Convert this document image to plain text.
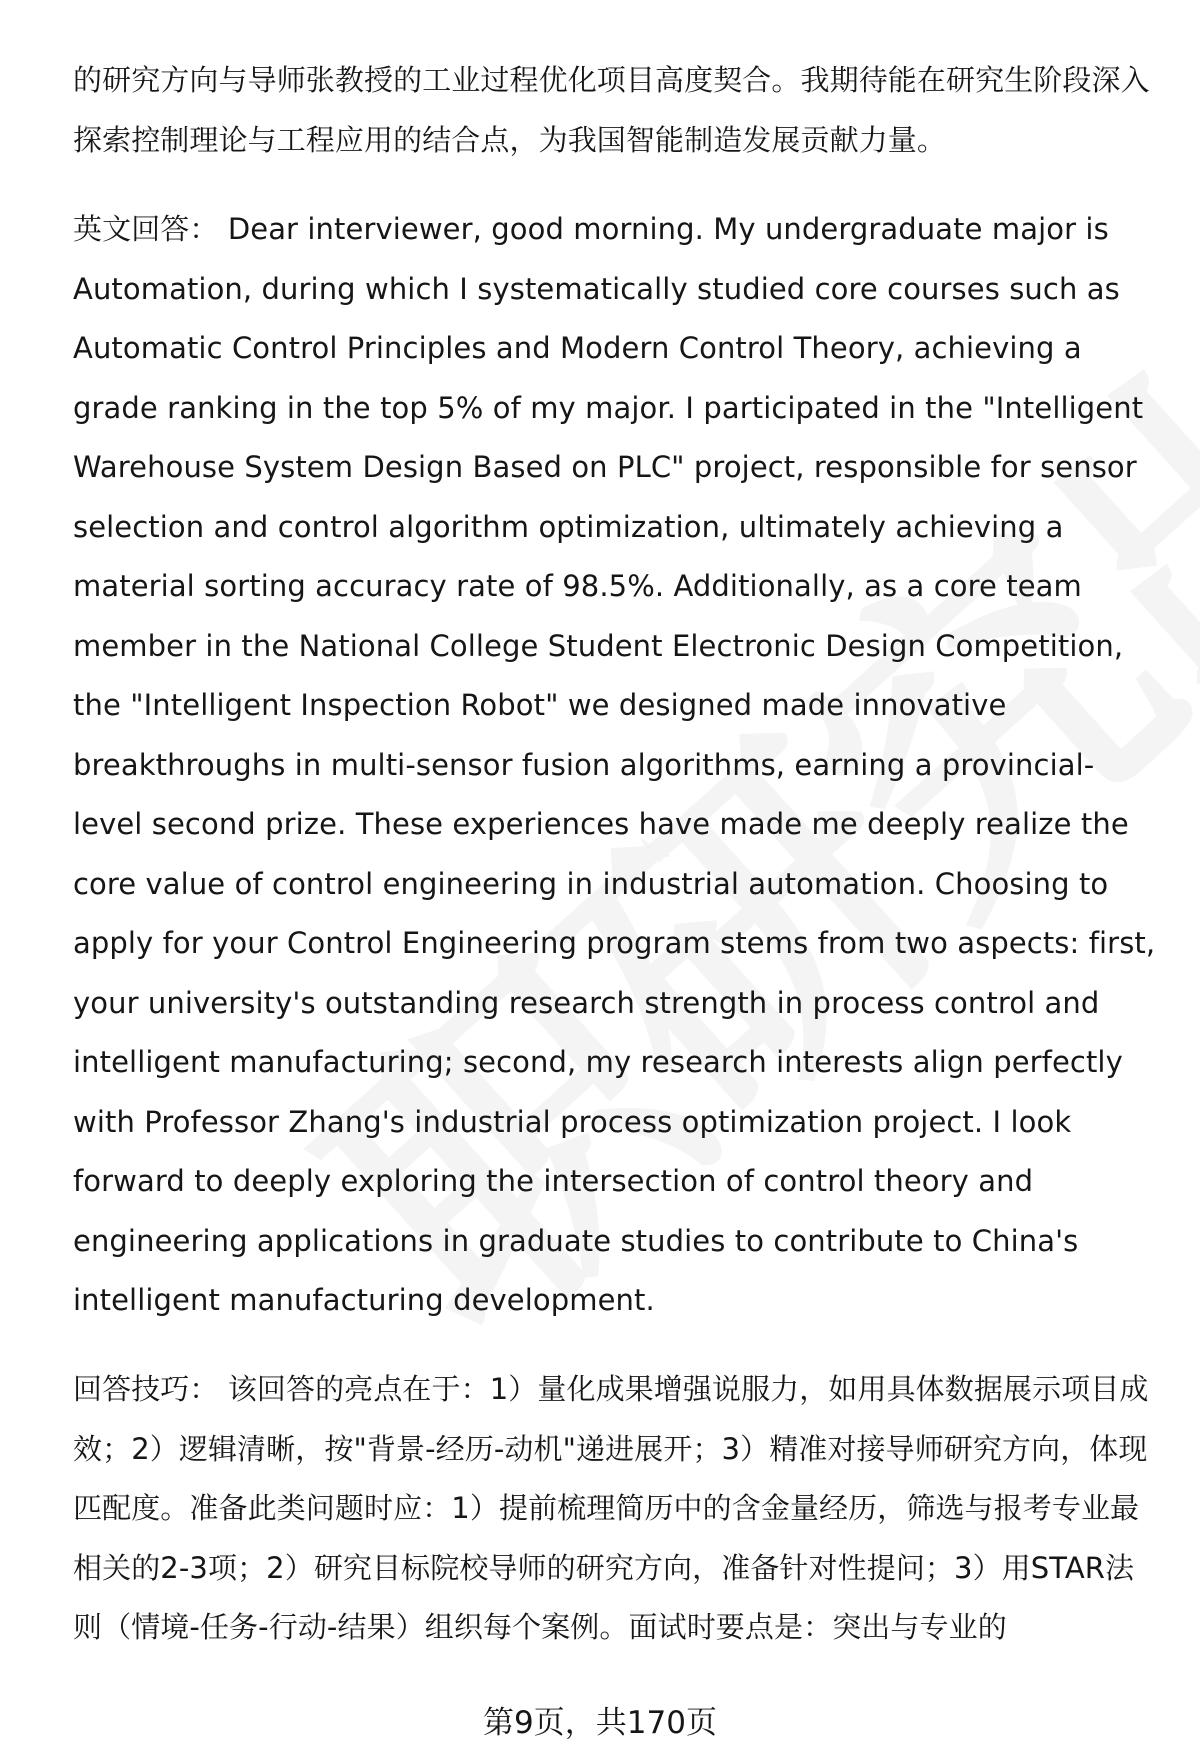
的研究方向与导师张教授的工业过程优化项目高度契合。我期待能在研究生阶段深入探索控制理论与工程应用的结合点，为我国智能制造发展贡献力量。

英文回答： Dear interviewer, good morning. My undergraduate major is Automation, during which I systematically studied core courses such as Automatic Control Principles and Modern Control Theory, achieving a grade ranking in the top 5% of my major. I participated in the "Intelligent Warehouse System Design Based on PLC" project, responsible for sensor selection and control algorithm optimization, ultimately achieving a material sorting accuracy rate of 98.5%. Additionally, as a core team member in the National College Student Electronic Design Competition, the "Intelligent Inspection Robot" we designed made innovative breakthroughs in multi-sensor fusion algorithms, earning a provincial-level second prize. These experiences have made me deeply realize the core value of control engineering in industrial automation. Choosing to apply for your Control Engineering program stems from two aspects: first, your university's outstanding research strength in process control and intelligent manufacturing; second, my research interests align perfectly with Professor Zhang's industrial process optimization project. I look forward to deeply exploring the intersection of control theory and engineering applications in graduate studies to contribute to China's intelligent manufacturing development.

回答技巧： 该回答的亮点在于：1）量化成果增强说服力，如用具体数据展示项目成效；2）逻辑清晰，按"背景-经历-动机"递进展开；3）精准对接导师研究方向，体现匹配度。准备此类问题时应：1）提前梳理简历中的含金量经历，筛选与报考专业最相关的2-3项；2）研究目标院校导师的研究方向，准备针对性提问；3）用STAR法则（情境-任务-行动-结果）组织每个案例。面试时要点是：突出与专业的

第9页，共170页
